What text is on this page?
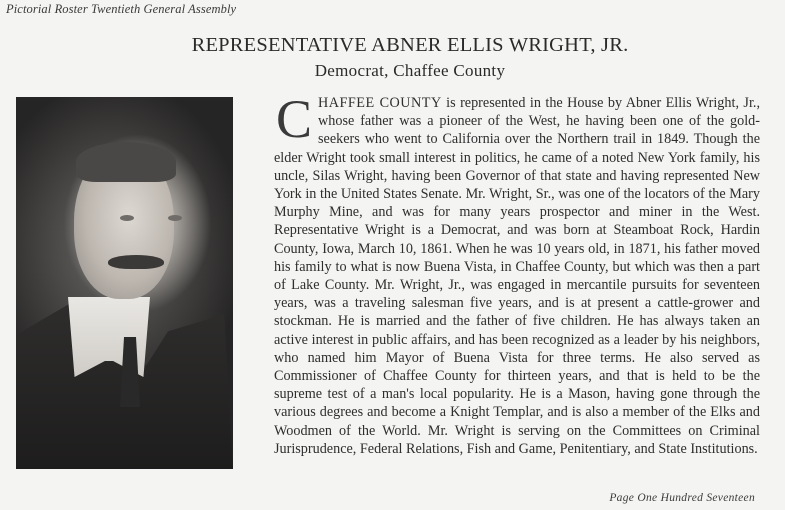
Pictorial Roster Twentieth General Assembly
REPRESENTATIVE ABNER ELLIS WRIGHT, JR.
Democrat, Chaffee County
CHAFFEE COUNTY is represented in the House by Abner Ellis Wright, Jr., whose father was a pioneer of the West, he having been one of the gold-seekers who went to California over the Northern trail in 1849. Though the elder Wright took small interest in politics, he came of a noted New York family, his uncle, Silas Wright, having been Governor of that state and having represented New York in the United States Senate. Mr. Wright, Sr., was one of the locators of the Mary Murphy Mine, and was for many years prospector and miner in the West. Representative Wright is a Democrat, and was born at Steamboat Rock, Hardin County, Iowa, March 10, 1861. When he was 10 years old, in 1871, his father moved his family to what is now Buena Vista, in Chaffee County, but which was then a part of Lake County. Mr. Wright, Jr., was engaged in mercantile pursuits for seventeen years, was a traveling salesman five years, and is at present a cattle-grower and stockman. He is married and the father of five children. He has always taken an active interest in public affairs, and has been recognized as a leader by his neighbors, who named him Mayor of Buena Vista for three terms. He also served as Commissioner of Chaffee County for thirteen years, and that is held to be the supreme test of a man's local popularity. He is a Mason, having gone through the various degrees and become a Knight Templar, and is also a member of the Elks and Woodmen of the World. Mr. Wright is serving on the Committees on Criminal Jurisprudence, Federal Relations, Fish and Game, Penitentiary, and State Institutions.
Page One Hundred Seventeen
